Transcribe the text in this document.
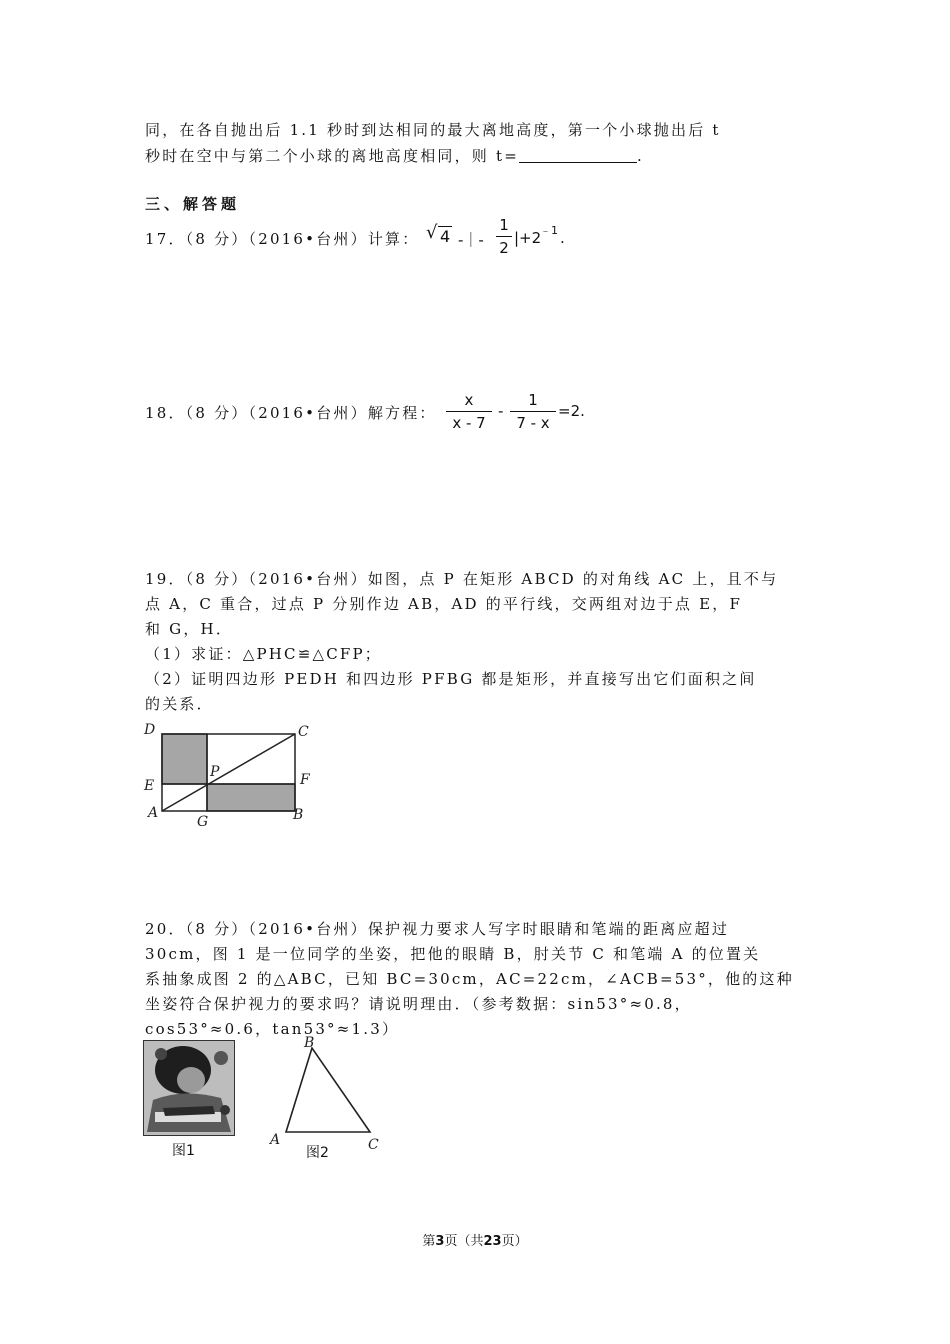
同，在各自抛出后 1.1 秒时到达相同的最大离地高度，第一个小球抛出后 t
秒时在空中与第二个小球的离地高度相同，则 t=	.
三、解答题
17．（8 分）（2016•台州）计算： √ 4 -｜-
1
2
|+2
﹣1 .
18．（8 分）（2016•台州）解方程：
x
x - 7
-
1
7 - x
=2.
19．（8 分）（2016•台州）如图，点 P 在矩形 ABCD 的对角线 AC 上，且不与
点 A，C 重合，过点 P 分别作边 AB，AD 的平行线，交两组对边于点 E，F
和 G，H．
（1）求证：△PHC≌△CFP；
（2）证明四边形 PEDH 和四边形 PFBG 都是矩形，并直接写出它们面积之间
的关系．
D	C
P
E	F
A
G	B
20．（8 分）（2016•台州）保护视力要求人写字时眼睛和笔端的距离应超过
30cm，图 1 是一位同学的坐姿，把他的眼睛 B，肘关节 C 和笔端 A 的位置关
系抽象成图 2 的△ABC，已知 BC=30cm，AC=22cm，∠ACB=53°，他的这种
坐姿符合保护视力的要求吗？请说明理由．（参考数据：sin53°≈0.8，
cos53°≈0.6，tan53°≈1.3）
图1
B
A	C
图2
第3页（共23页）
